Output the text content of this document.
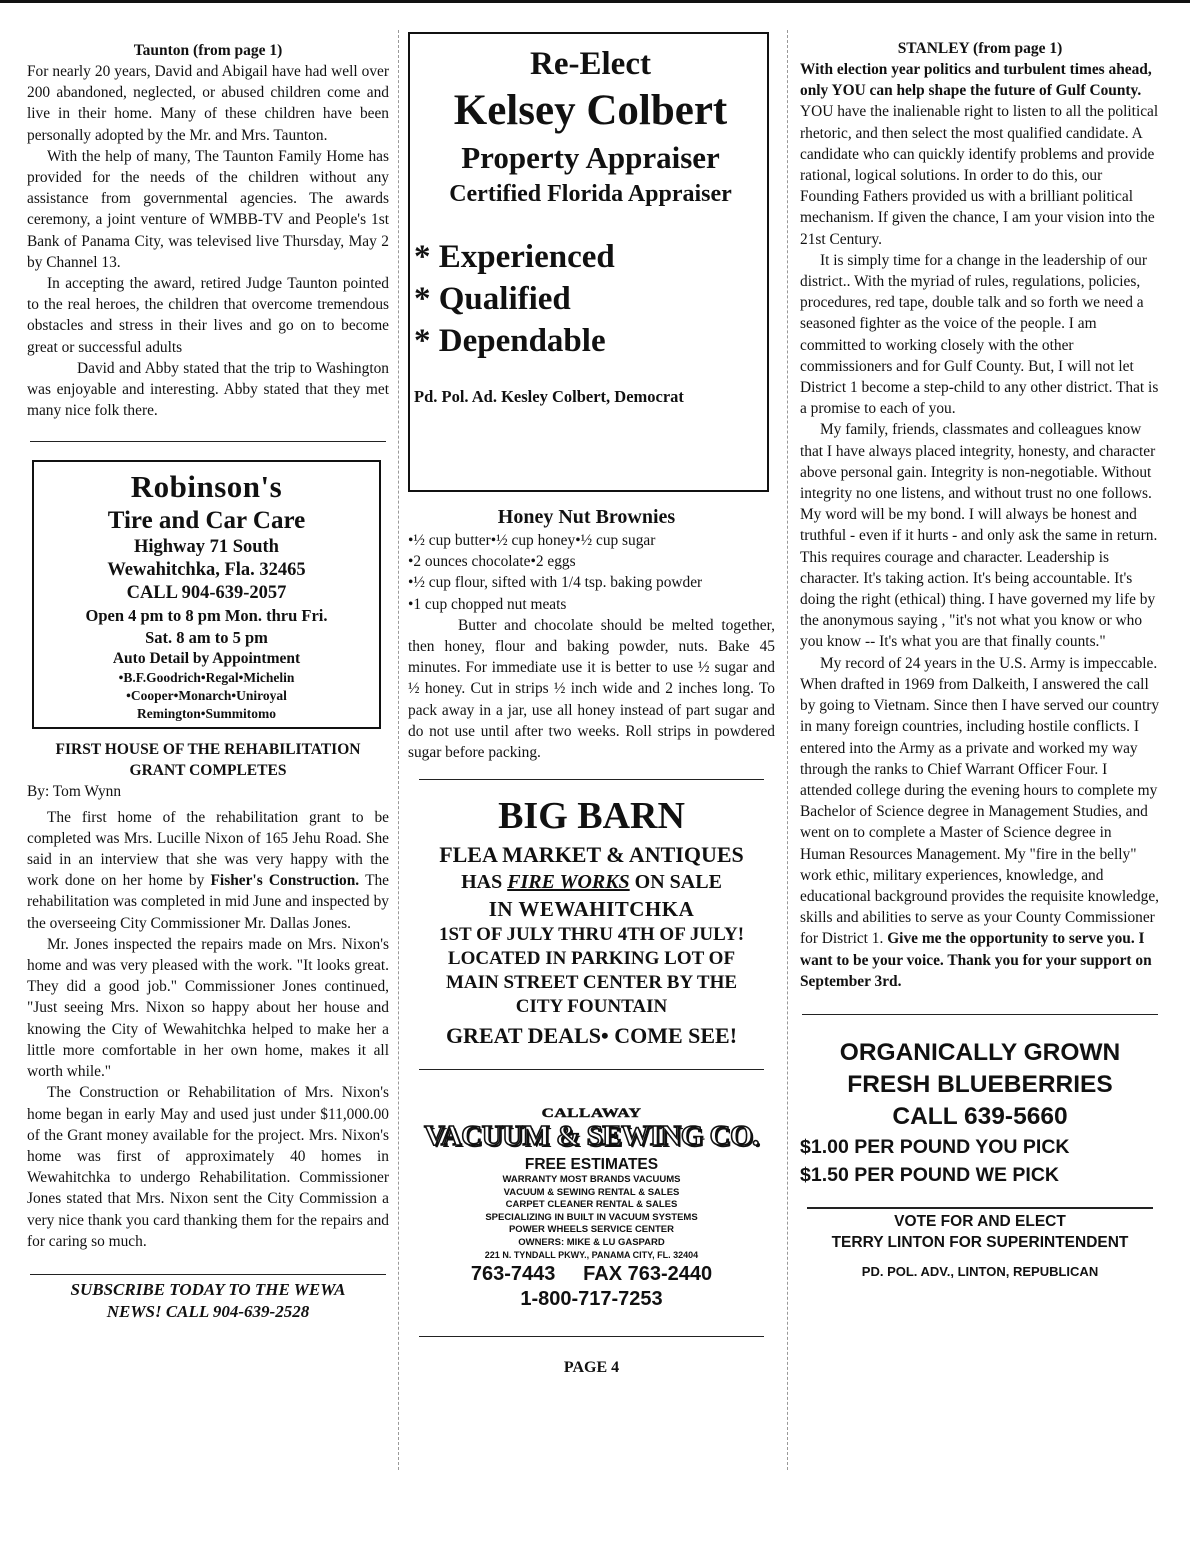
Taunton (from page 1)

For nearly 20 years, David and Abigail have had well over 200 abandoned, neglected, or abused children come and live in their home. Many of these children have been personally adopted by the Mr. and Mrs. Taunton.

With the help of many, The Taunton Family Home has provided for the needs of the children without any assistance from governmental agencies. The awards ceremony, a joint venture of WMBB-TV and People's 1st Bank of Panama City, was televised live Thursday, May 2 by Channel 13.

In accepting the award, retired Judge Taunton pointed to the real heroes, the children that overcome tremendous obstacles and stress in their lives and go on to become great or successful adults

David and Abby stated that the trip to Washington was enjoyable and interesting. Abby stated that they met many nice folk there.

Robinson's
Tire and Car Care
Highway 71 South
Wewahitchka, Fla. 32465
CALL 904-639-2057
Open 4 pm to 8 pm Mon. thru Fri.
Sat. 8 am to 5 pm
Auto Detail by Appointment
•B.F.Goodrich•Regal•Michelin
•Cooper•Monarch•Uniroyal
Remington•Summitomo
FIRST HOUSE OF THE REHABILITATION GRANT COMPLETES

By: Tom Wynn

The first home of the rehabilitation grant to be completed was Mrs. Lucille Nixon of 165 Jehu Road. She said in an interview that she was very happy with the work done on her home by Fisher's Construction. The rehabilitation was completed in mid June and inspected by the overseeing City Commissioner Mr. Dallas Jones.

Mr. Jones inspected the repairs made on Mrs. Nixon's home and was very pleased with the work. "It looks great. They did a good job." Commissioner Jones continued, "Just seeing Mrs. Nixon so happy about her house and knowing the City of Wewahitchka helped to make her a little more comfortable in her own home, makes it all worth while."

The Construction or Rehabilitation of Mrs. Nixon's home began in early May and used just under $11,000.00 of the Grant money available for the project. Mrs. Nixon's home was first of approximately 40 homes in Wewahitchka to undergo Rehabilitation. Commissioner Jones stated that Mrs. Nixon sent the City Commission a very nice thank you card thanking them for the repairs and for caring so much.

SUBSCRIBE TODAY TO THE WEWA
NEWS! CALL 904-639-2528
Re-Elect
Kelsey Colbert
Property Appraiser
Certified Florida Appraiser
* Experienced
* Qualified
* Dependable
Pd. Pol. Ad. Kesley Colbert, Democrat
Honey Nut Brownies

•½ cup butter•½ cup honey•½ cup sugar

•2 ounces chocolate•2 eggs

•½ cup flour, sifted with 1/4 tsp. baking powder

•1 cup chopped nut meats

Butter and chocolate should be melted together, then honey, flour and baking powder, nuts. Bake 45 minutes. For immediate use it is better to use ½ sugar and ½ honey. Cut in strips ½ inch wide and 2 inches long. To pack away in a jar, use all honey instead of part sugar and do not use until after two weeks. Roll strips in powdered sugar before packing.

BIG BARN
FLEA MARKET & ANTIQUES
HAS FIRE WORKS ON SALE
IN WEWAHITCHKA
1ST OF JULY THRU 4TH OF JULY!
LOCATED IN PARKING LOT OF
MAIN STREET CENTER BY THE
CITY FOUNTAIN
GREAT DEALS• COME SEE!
CALLAWAY
VACUUM & SEWING CO.
FREE ESTIMATES
WARRANTY MOST BRANDS VACUUMS
VACUUM & SEWING RENTAL & SALES
CARPET CLEANER RENTAL & SALES
SPECIALIZING IN BUILT IN VACUUM SYSTEMS
POWER WHEELS SERVICE CENTER
OWNERS: MIKE & LU GASPARD
221 N. TYNDALL PKWY., PANAMA CITY, FL. 32404
763-7443 FAX 763-2440
1-800-717-7253
PAGE 4
STANLEY (from page 1)

With election year politics and turbulent times ahead, only YOU can help shape the future of Gulf County. YOU have the inalienable right to listen to all the political rhetoric, and then select the most qualified candidate. A candidate who can quickly identify problems and provide rational, logical solutions. In order to do this, our Founding Fathers provided us with a brilliant political mechanism. If given the chance, I am your vision into the 21st Century.

It is simply time for a change in the leadership of our district.. With the myriad of rules, regulations, policies, procedures, red tape, double talk and so forth we need a seasoned fighter as the voice of the people. I am committed to working closely with the other commissioners and for Gulf County. But, I will not let District 1 become a step-child to any other district. That is a promise to each of you.

My family, friends, classmates and colleagues know that I have always placed integrity, honesty, and character above personal gain. Integrity is non-negotiable. Without integrity no one listens, and without trust no one follows. My word will be my bond. I will always be honest and truthful - even if it hurts - and only ask the same in return. This requires courage and character. Leadership is character. It's taking action. It's being accountable. It's doing the right (ethical) thing. I have governed my life by the anonymous saying , "it's not what you know or who you know -- It's what you are that finally counts."

My record of 24 years in the U.S. Army is impeccable. When drafted in 1969 from Dalkeith, I answered the call by going to Vietnam. Since then I have served our country in many foreign countries, including hostile conflicts. I entered into the Army as a private and worked my way through the ranks to Chief Warrant Officer Four. I attended college during the evening hours to complete my Bachelor of Science degree in Management Studies, and went on to complete a Master of Science degree in Human Resources Management. My "fire in the belly" work ethic, military experiences, knowledge, and educational background provides the requisite knowledge, skills and abilities to serve as your County Commissioner for District 1. Give me the opportunity to serve you. I want to be your voice. Thank you for your support on September 3rd.

ORGANICALLY GROWN
FRESH BLUEBERRIES
CALL 639-5660
$1.00 PER POUND YOU PICK
$1.50 PER POUND WE PICK
VOTE FOR AND ELECT
TERRY LINTON FOR SUPERINTENDENT
PD. POL. ADV., LINTON, REPUBLICAN
